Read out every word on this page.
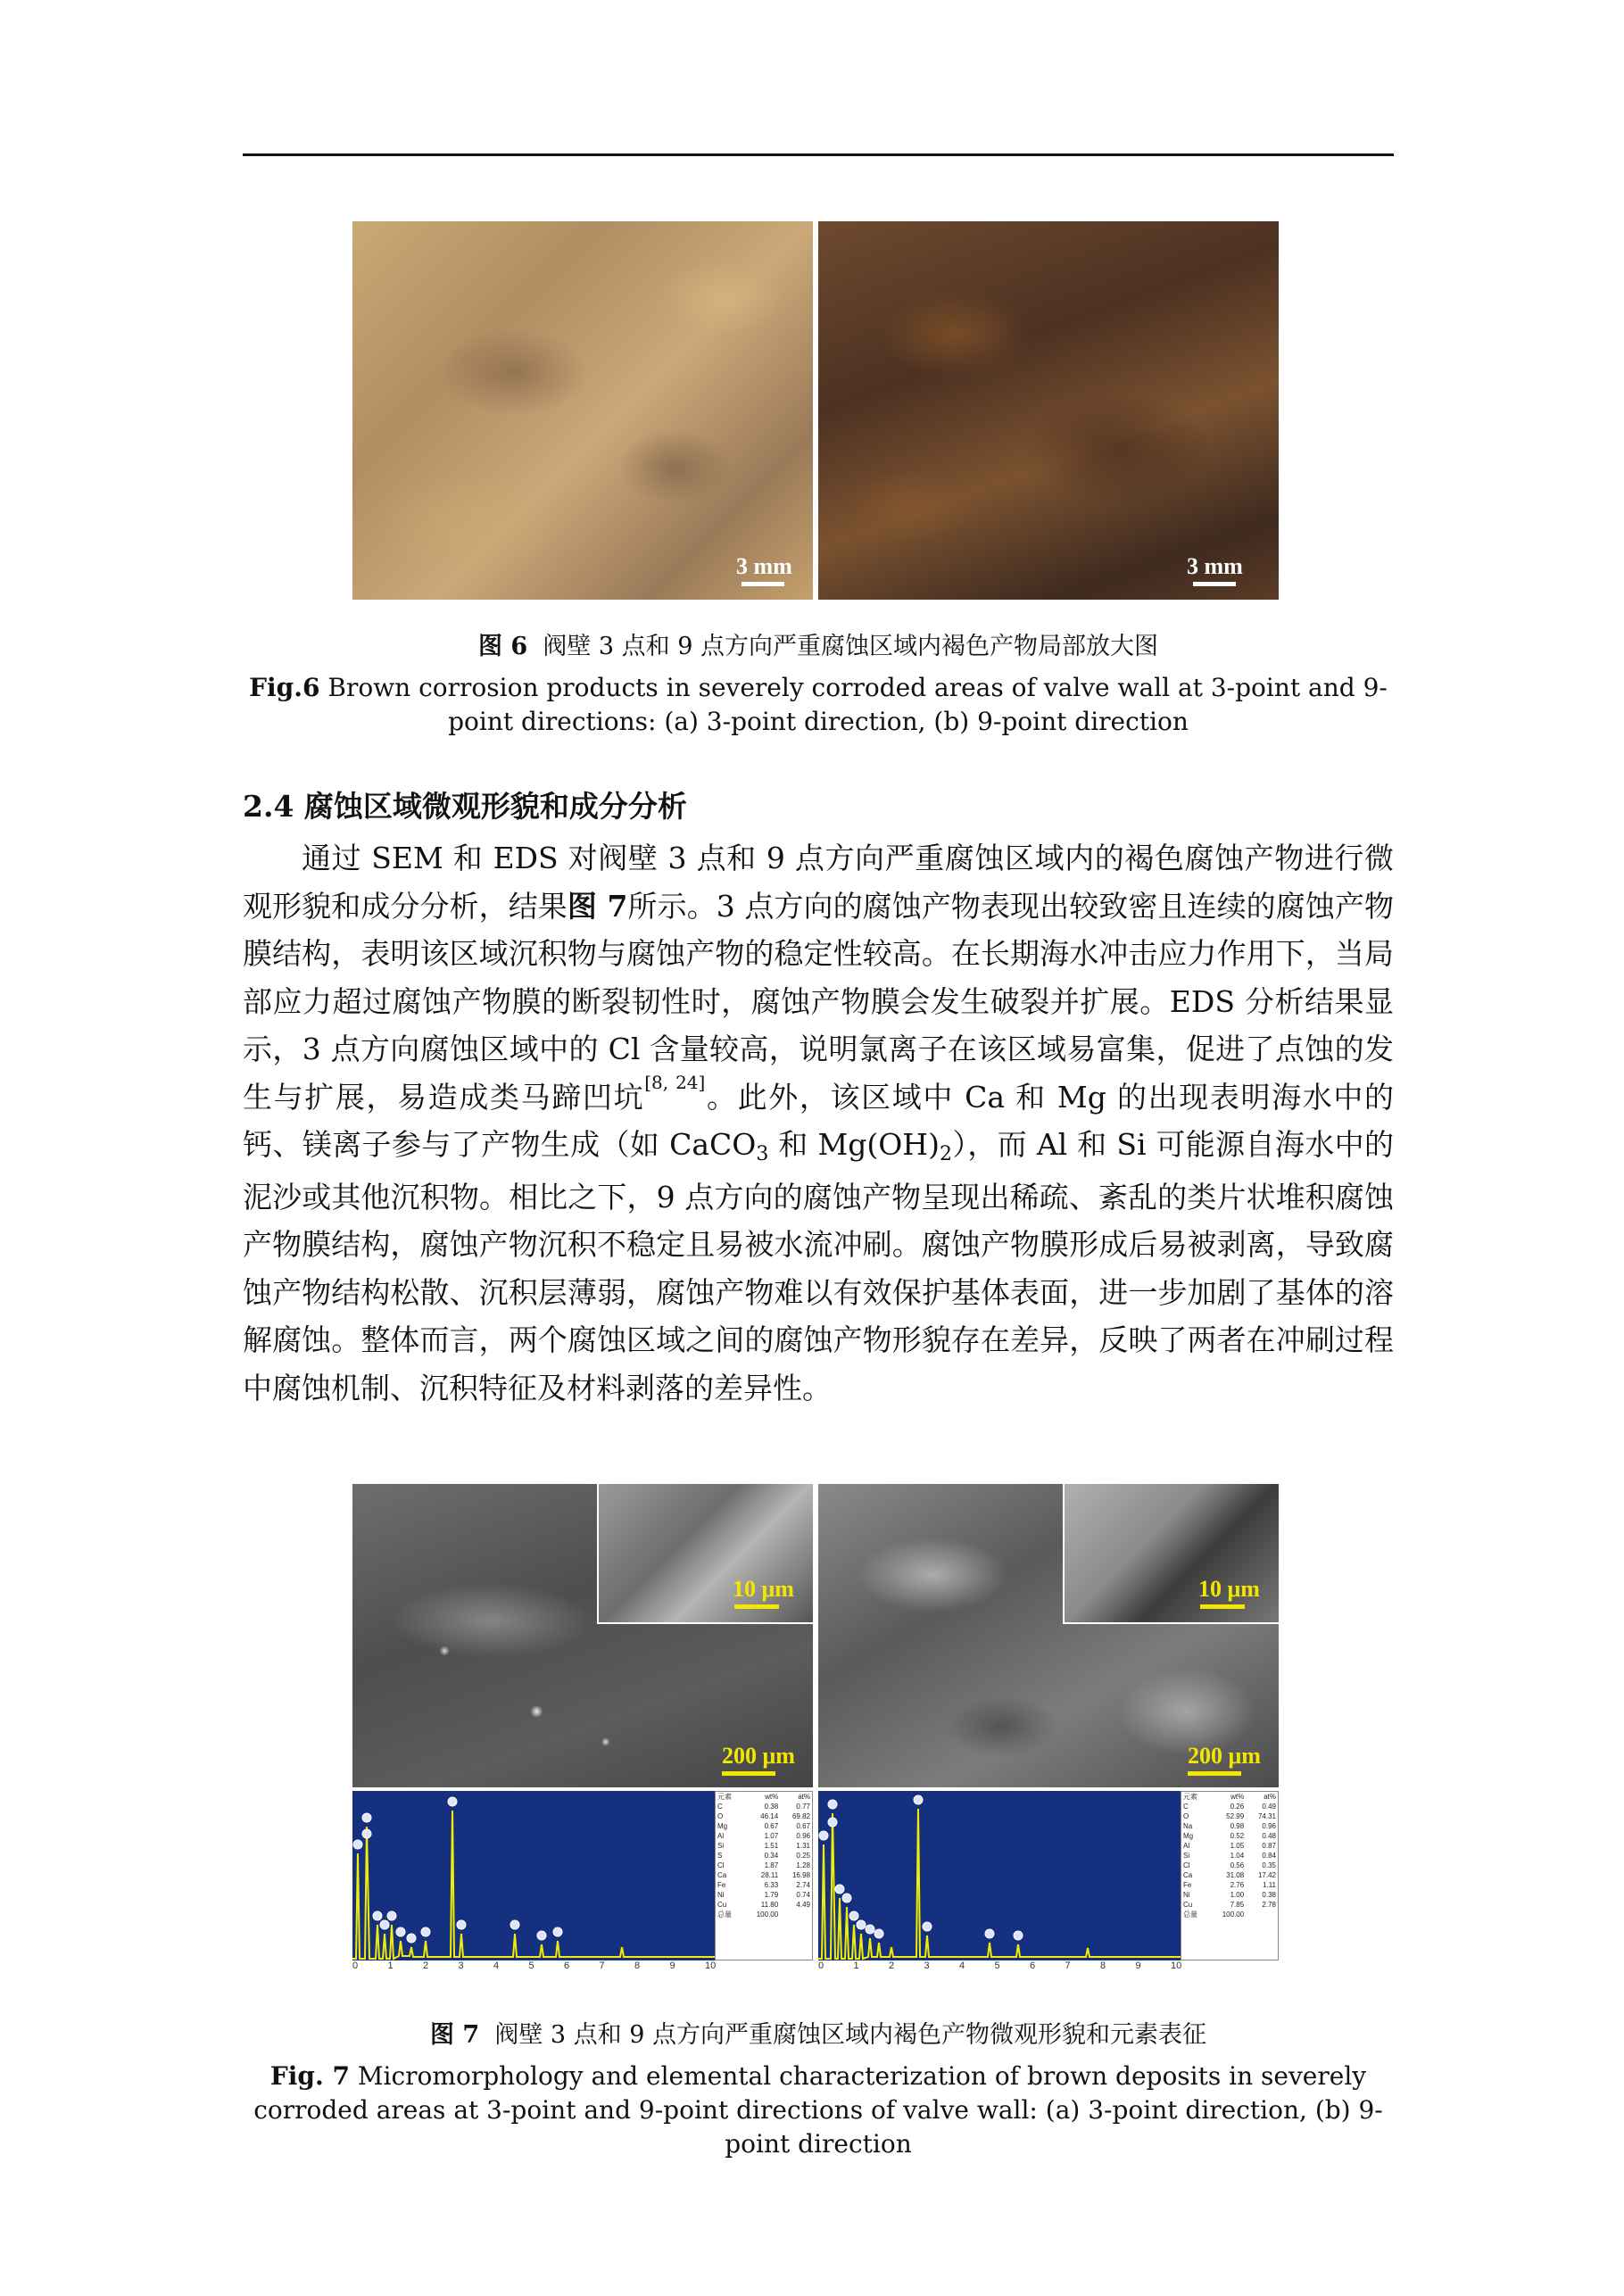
3 mm	3 mm
图 6 阀壁 3 点和 9 点方向严重腐蚀区域内褐色产物局部放大图
Fig.6 Brown corrosion products in severely corroded areas of valve wall at 3-point and 9-point directions: (a) 3-point direction, (b) 9-point direction
2.4 腐蚀区域微观形貌和成分分析

通过 SEM 和 EDS 对阀壁 3 点和 9 点方向严重腐蚀区域内的褐色腐蚀产物进行微观形貌和成分分析，结果图 7所示。3 点方向的腐蚀产物表现出较致密且连续的腐蚀产物膜结构，表明该区域沉积物与腐蚀产物的稳定性较高。在长期海水冲击应力作用下，当局部应力超过腐蚀产物膜的断裂韧性时，腐蚀产物膜会发生破裂并扩展。EDS 分析结果显示，3 点方向腐蚀区域中的 Cl 含量较高，说明氯离子在该区域易富集，促进了点蚀的发生与扩展，易造成类马蹄凹坑[8, 24]。此外，该区域中 Ca 和 Mg 的出现表明海水中的钙、镁离子参与了产物生成（如 CaCO$_3$ 和 $Mg(OH)_2$），而 Al 和 Si 可能源自海水中的泥沙或其他沉积物。相比之下，9 点方向的腐蚀产物呈现出稀疏、紊乱的类片状堆积腐蚀产物膜结构，腐蚀产物沉积不稳定且易被水流冲刷。腐蚀产物膜形成后易被剥离，导致腐蚀产物结构松散、沉积层薄弱，腐蚀产物难以有效保护基体表面，进一步加剧了基体的溶解腐蚀。整体而言，两个腐蚀区域之间的腐蚀产物形貌存在差异，反映了两者在冲刷过程中腐蚀机制、沉积特征及材料剥落的差异性。

10 μm
200 μm
10 μm
200 μm
元素	wt%	at%
C	0.38	0.77
O	46.14	69.82
Mg	0.67	0.67
Al	1.07	0.96
Si	1.51	1.31
S	0.34	0.25
Cl	1.87	1.28
Ca	28.11	16.98
Fe	6.33	2.74
Ni	1.79	0.74
Cu	11.80	4.49
总量	100.00	
0	1	2	3	4	5	6	7	8	9	10
元素	wt%	at%
C	0.26	0.49
O	52.99	74.31
Na	0.98	0.96
Mg	0.52	0.48
Al	1.05	0.87
Si	1.04	0.84
Cl	0.56	0.35
Ca	31.08	17.42
Fe	2.76	1.11
Ni	1.00	0.38
Cu	7.85	2.78
总量	100.00	
0	1	2	3	4	5	6	7	8	9	10
图 7 阀壁 3 点和 9 点方向严重腐蚀区域内褐色产物微观形貌和元素表征
Fig. 7 Micromorphology and elemental characterization of brown deposits in severely corroded areas at 3-point and 9-point directions of valve wall: (a) 3-point direction, (b) 9-point direction
